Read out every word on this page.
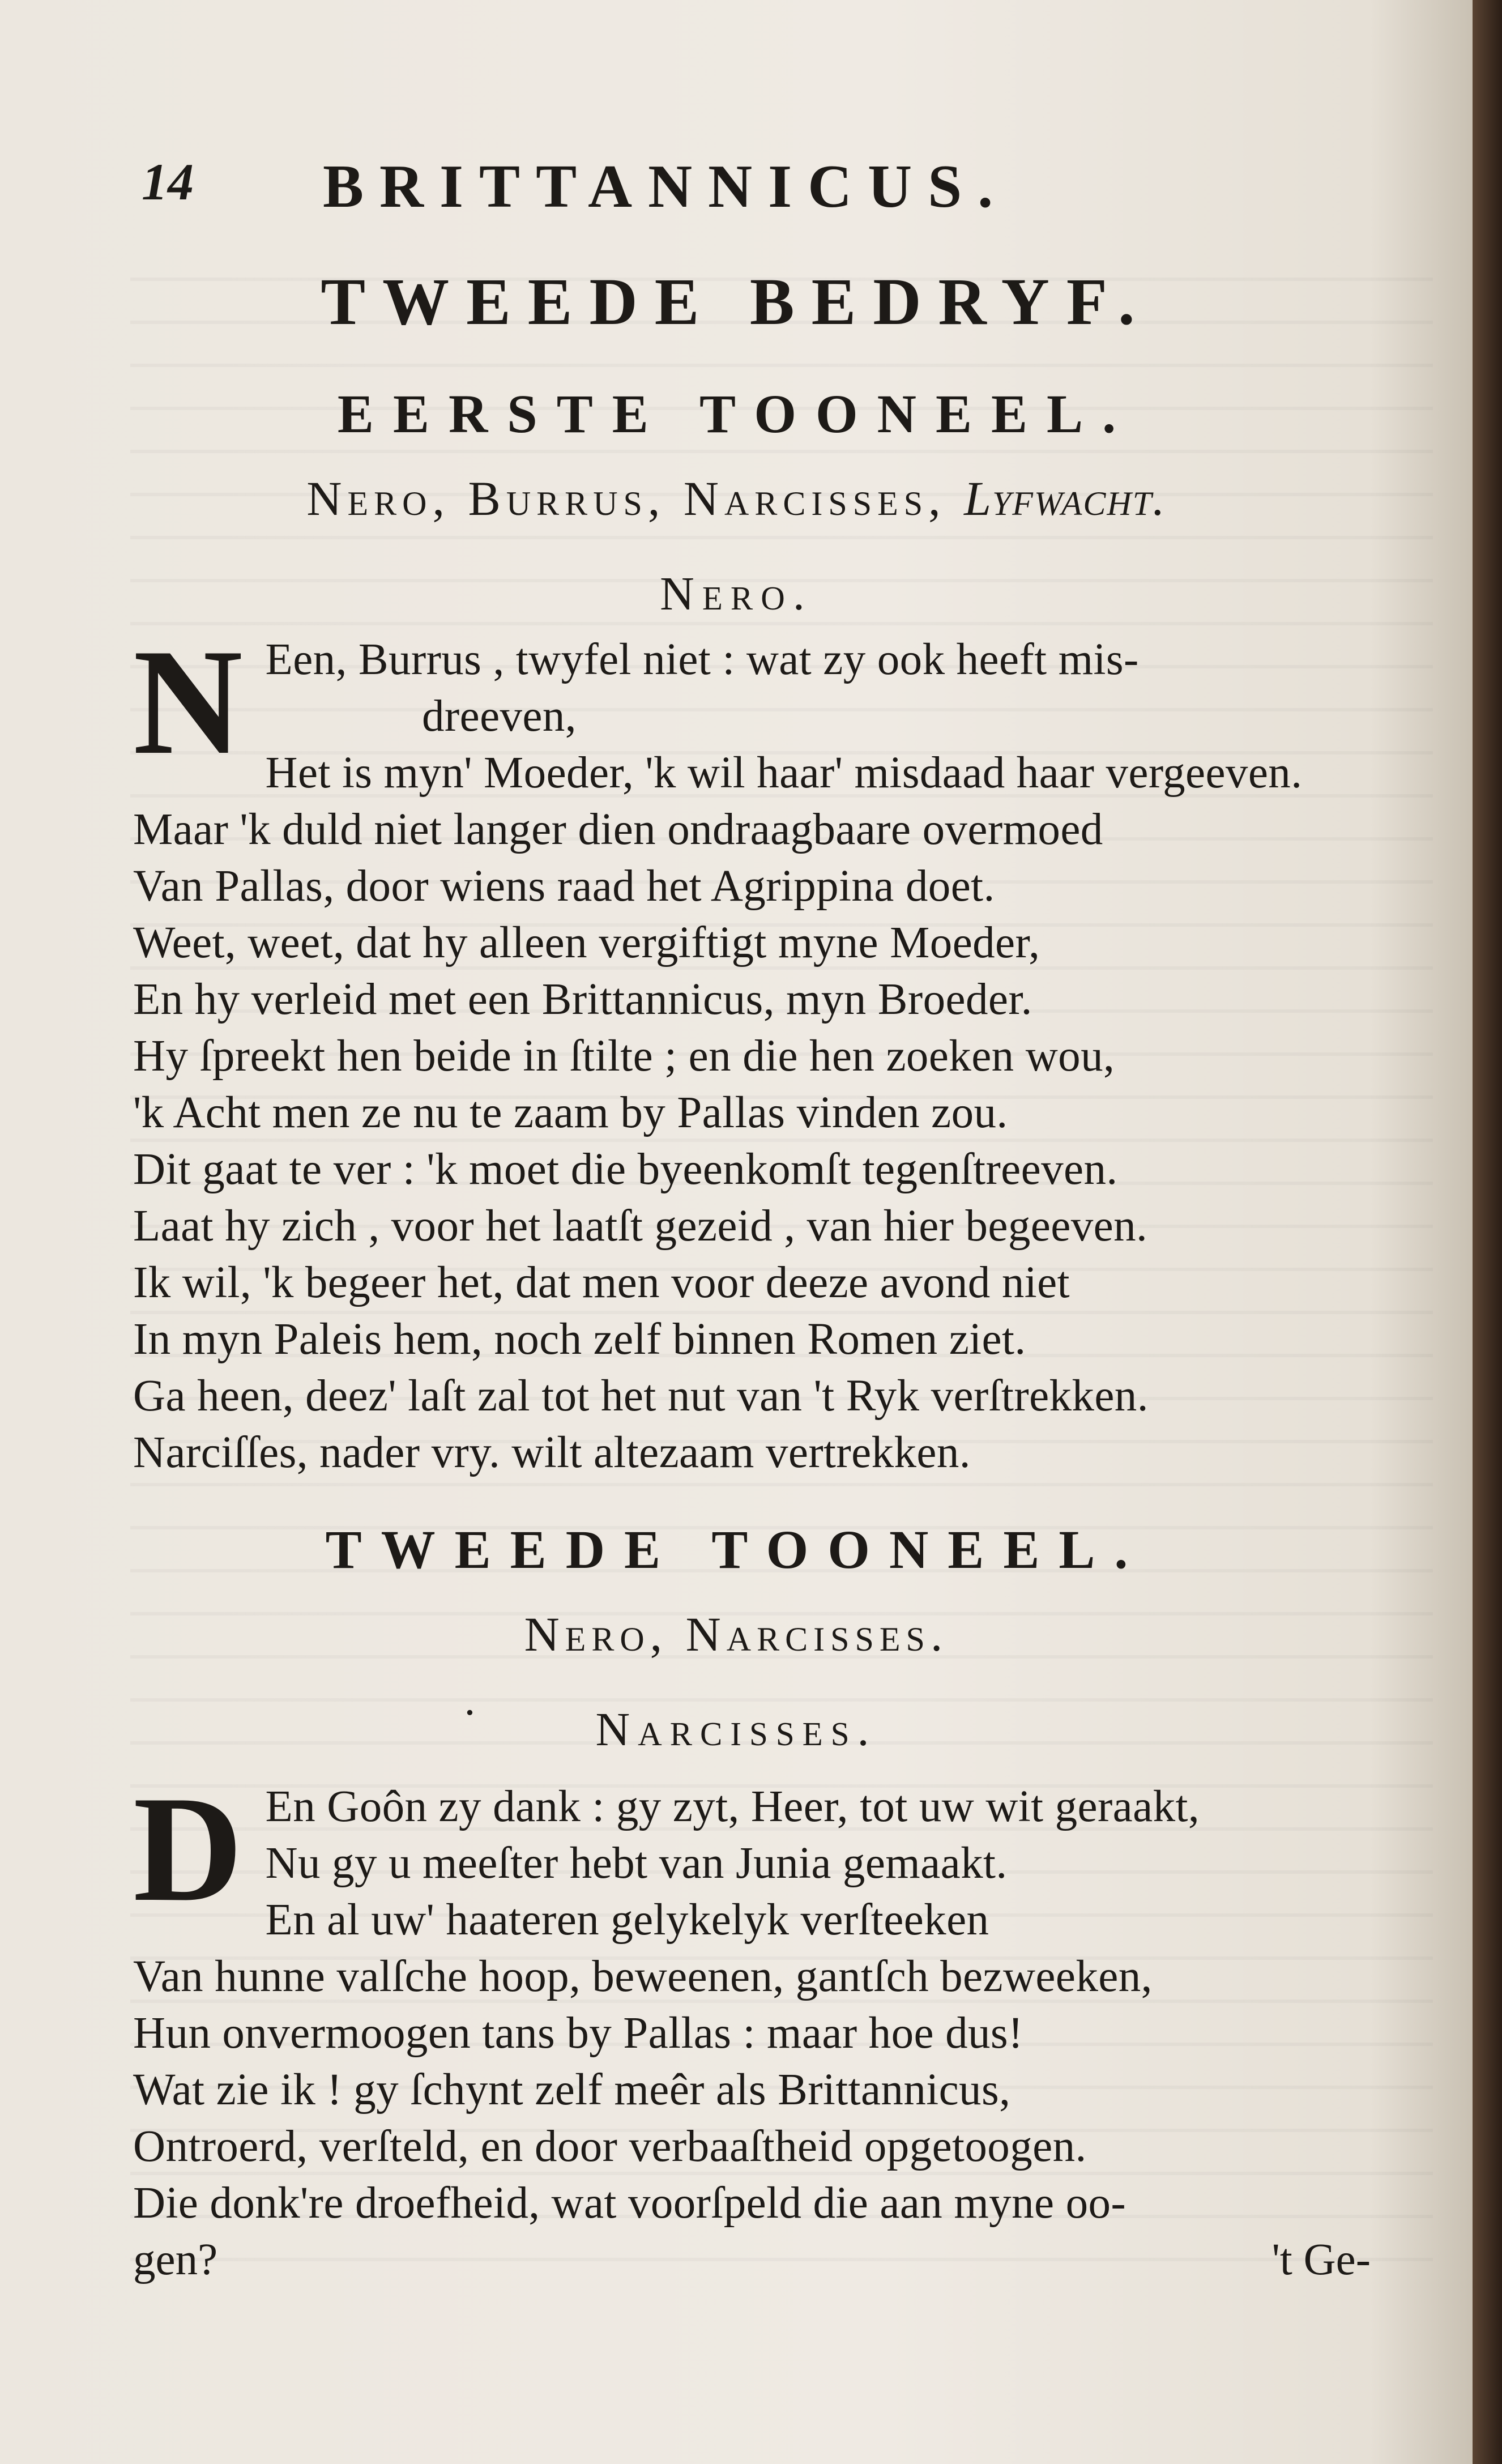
14 BRITTANNICUS.
TWEEDE BEDRYF.
EERSTE TOONEEL.
Nero, Burrus, Narcisses, Lyfwacht.
Nero.
N Een, Burrus , twyfel niet : wat zy ook heeft mis-

dreeven,

Het is myn' Moeder, 'k wil haar' misdaad haar vergeeven.

Maar 'k duld niet langer dien ondraagbaare overmoed

Van Pallas, door wiens raad het Agrippina doet.

Weet, weet, dat hy alleen vergiftigt myne Moeder,

En hy verleid met een Brittannicus, myn Broeder.

Hy ſpreekt hen beide in ſtilte ; en die hen zoeken wou,

'k Acht men ze nu te zaam by Pallas vinden zou.

Dit gaat te ver : 'k moet die byeenkomſt tegenſtreeven.

Laat hy zich , voor het laatſt gezeid , van hier begeeven.

Ik wil, 'k begeer het, dat men voor deeze avond niet

In myn Paleis hem, noch zelf binnen Romen ziet.

Ga heen, deez' laſt zal tot het nut van 't Ryk verſtrekken.

Narciſſes, nader vry. wilt altezaam vertrekken.

TWEEDE TOONEEL.
Nero, Narcisses.
•	Narcisses.
D En Goôn zy dank : gy zyt, Heer, tot uw wit geraakt,

Nu gy u meeſter hebt van Junia gemaakt.

En al uw' haateren gelykelyk verſteeken

Van hunne valſche hoop, beweenen, gantſch bezweeken,

Hun onvermoogen tans by Pallas : maar hoe dus!

Wat zie ik ! gy ſchynt zelf meêr als Brittannicus,

Ontroerd, verſteld, en door verbaaſtheid opgetoogen.

Die donk're droefheid, wat voorſpeld die aan myne oo-

gen?	't Ge-
